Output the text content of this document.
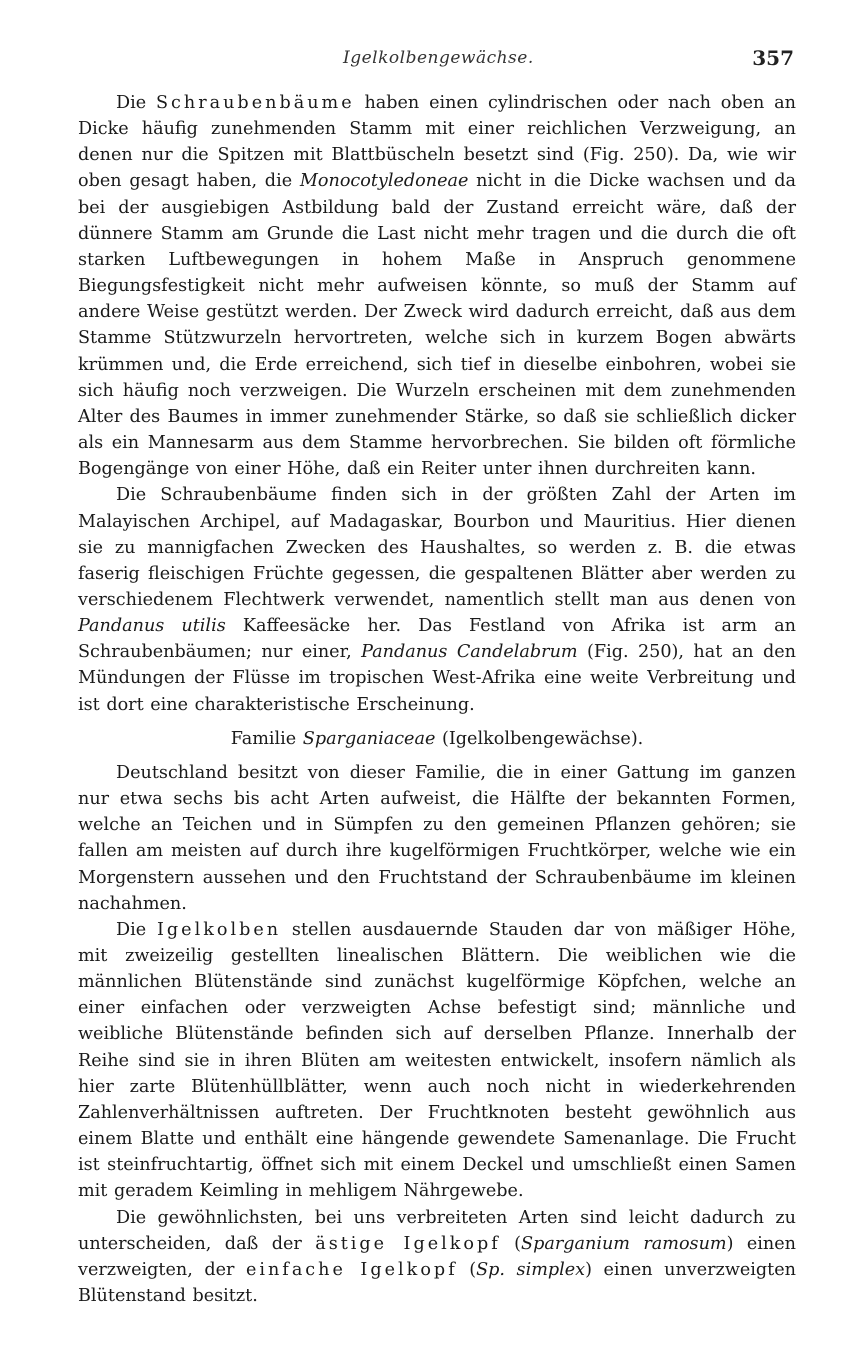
Igelkolbengewächse.	357

Die Schraubenbäume haben einen cylindrischen oder nach oben an Dicke häufig zunehmenden Stamm mit einer reichlichen Verzweigung, an denen nur die Spitzen mit Blattbüscheln besetzt sind (Fig. 250). Da, wie wir oben gesagt haben, die Monocotyledoneae nicht in die Dicke wachsen und da bei der ausgiebigen Astbildung bald der Zustand erreicht wäre, daß der dünnere Stamm am Grunde die Last nicht mehr tragen und die durch die oft starken Luftbewegungen in hohem Maße in Anspruch genommene Biegungsfestigkeit nicht mehr aufweisen könnte, so muß der Stamm auf andere Weise gestützt werden. Der Zweck wird dadurch erreicht, daß aus dem Stamme Stützwurzeln hervortreten, welche sich in kurzem Bogen abwärts krümmen und, die Erde erreichend, sich tief in dieselbe einbohren, wobei sie sich häufig noch verzweigen. Die Wurzeln erscheinen mit dem zunehmenden Alter des Baumes in immer zunehmender Stärke, so daß sie schließlich dicker als ein Mannesarm aus dem Stamme hervorbrechen. Sie bilden oft förmliche Bogengänge von einer Höhe, daß ein Reiter unter ihnen durchreiten kann.

Die Schraubenbäume finden sich in der größten Zahl der Arten im Malayischen Archipel, auf Madagaskar, Bourbon und Mauritius. Hier dienen sie zu mannigfachen Zwecken des Haushaltes, so werden z. B. die etwas faserig fleischigen Früchte gegessen, die gespaltenen Blätter aber werden zu verschiedenem Flechtwerk verwendet, namentlich stellt man aus denen von Pandanus utilis Kaffeesäcke her. Das Festland von Afrika ist arm an Schraubenbäumen; nur einer, Pandanus Candelabrum (Fig. 250), hat an den Mündungen der Flüsse im tropischen West-Afrika eine weite Verbreitung und ist dort eine charakteristische Erscheinung.

Familie Sparganiaceae (Igelkolbengewächse).

Deutschland besitzt von dieser Familie, die in einer Gattung im ganzen nur etwa sechs bis acht Arten aufweist, die Hälfte der bekannten Formen, welche an Teichen und in Sümpfen zu den gemeinen Pflanzen gehören; sie fallen am meisten auf durch ihre kugelförmigen Fruchtkörper, welche wie ein Morgenstern aussehen und den Fruchtstand der Schraubenbäume im kleinen nachahmen.

Die Igelkolben stellen ausdauernde Stauden dar von mäßiger Höhe, mit zweizeilig gestellten linealischen Blättern. Die weiblichen wie die männlichen Blütenstände sind zunächst kugelförmige Köpfchen, welche an einer einfachen oder verzweigten Achse befestigt sind; männliche und weibliche Blütenstände befinden sich auf derselben Pflanze. Innerhalb der Reihe sind sie in ihren Blüten am weitesten entwickelt, insofern nämlich als hier zarte Blütenhüllblätter, wenn auch noch nicht in wiederkehrenden Zahlenverhältnissen auftreten. Der Fruchtknoten besteht gewöhnlich aus einem Blatte und enthält eine hängende gewendete Samenanlage. Die Frucht ist steinfruchtartig, öffnet sich mit einem Deckel und umschließt einen Samen mit geradem Keimling in mehligem Nährgewebe.

Die gewöhnlichsten, bei uns verbreiteten Arten sind leicht dadurch zu unterscheiden, daß der ästige Igelkopf (Sparganium ramosum) einen verzweigten, der einfache Igelkopf (Sp. simplex) einen unverzweigten Blütenstand besitzt.
